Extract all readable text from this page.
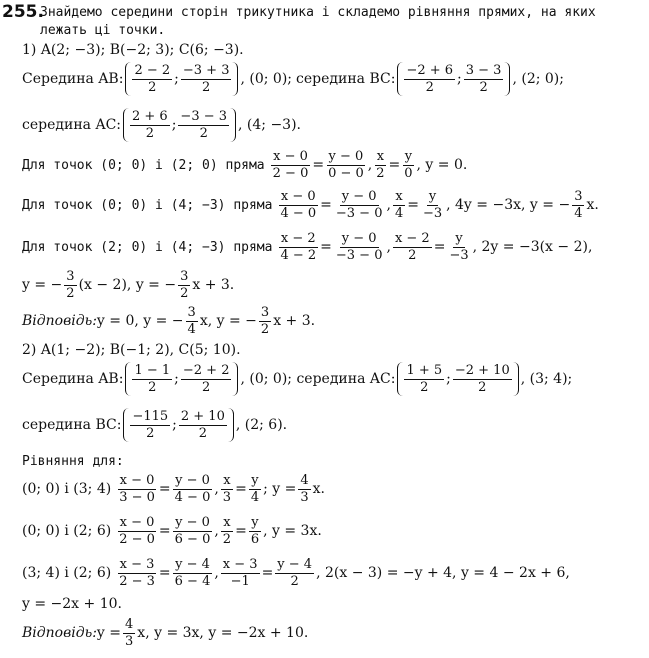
255.
Знайдемо середини сторін трикутника і складемо рівняння прямих, на яких
лежать ці точки.
1) A(2; −3); B(−2; 3); C(6; −3).
Середина AB: $\frac{2 - 2}{2}$ ; $\frac{-3 + 3}{2}$ , (0; 0); середина BC: $\frac{-2 + 6}{2}$ ; $\frac{3 - 3}{2}$ , (2; 0);
середина AC: $\frac{2 + 6}{2}$ ; $\frac{-3 - 3}{2}$ , (4; −3).
Для точок (0; 0) і (2; 0) пряма $\frac{x - 0}{2 - 0} = \frac{y - 0}{0 - 0}$ , $\frac{x}{2} = \frac{y}{0}$ , y = 0.
Для точок (0; 0) і (4; −3) пряма $\frac{x - 0}{4 - 0} = \frac{y - 0}{-3 - 0}$ , $\frac{x}{4} = \frac{y}{-3}$ , 4y = −3x, y = − $\frac{3}{4} x$.
Для точок (2; 0) і (4; −3) пряма $\frac{x - 2}{4 - 2} = \frac{y - 0}{-3 - 0}$ , $\frac{x - 2}{2} = \frac{y}{-3}$ , 2y = −3(x − 2),
y = − $\frac{3}{2} (x - 2)$, y = − $\frac{3}{2}$ x + 3.
Відповідь: y = 0, y = − $\frac{3}{4} x$, y = − $\frac{3}{2}$ x + 3.
2) A(1; −2); B(−1; 2), C(5; 10).
Середина AB: $\frac{1 - 1}{2}$ ; $\frac{-2 + 2}{2}$ , (0; 0); середина AC: $\frac{1 + 5}{2}$ ; $\frac{-2 + 10}{2}$ , (3; 4);
середина BC: $\frac{-115}{2}$ ; $\frac{2 + 10}{2}$ , (2; 6).
Рівняння для:
(0; 0) і (3; $4) \frac{x - 0}{3 - 0} = \frac{y - 0}{4 - 0}$ , $\frac{x}{3} = \frac{y}{4}$ ; $y = \frac{4}{3} x$.
(0; 0) і (2; $6) \frac{x - 0}{2 - 0} = \frac{y - 0}{6 - 0}$ , $\frac{x}{2} = \frac{y}{6}$ , y = 3x.
(3; 4) і (2; $6) \frac{x - 3}{2 - 3} = \frac{y - 4}{6 - 4}$ , $\frac{x - 3}{-1} = \frac{y - 4}{2}$ , 2(x − 3) = −y + 4, y = 4 − 2x + 6,
y = −2x + 10.
Відповідь: $y = \frac{4}{3} x$, y = 3x, y = −2x + 10.
